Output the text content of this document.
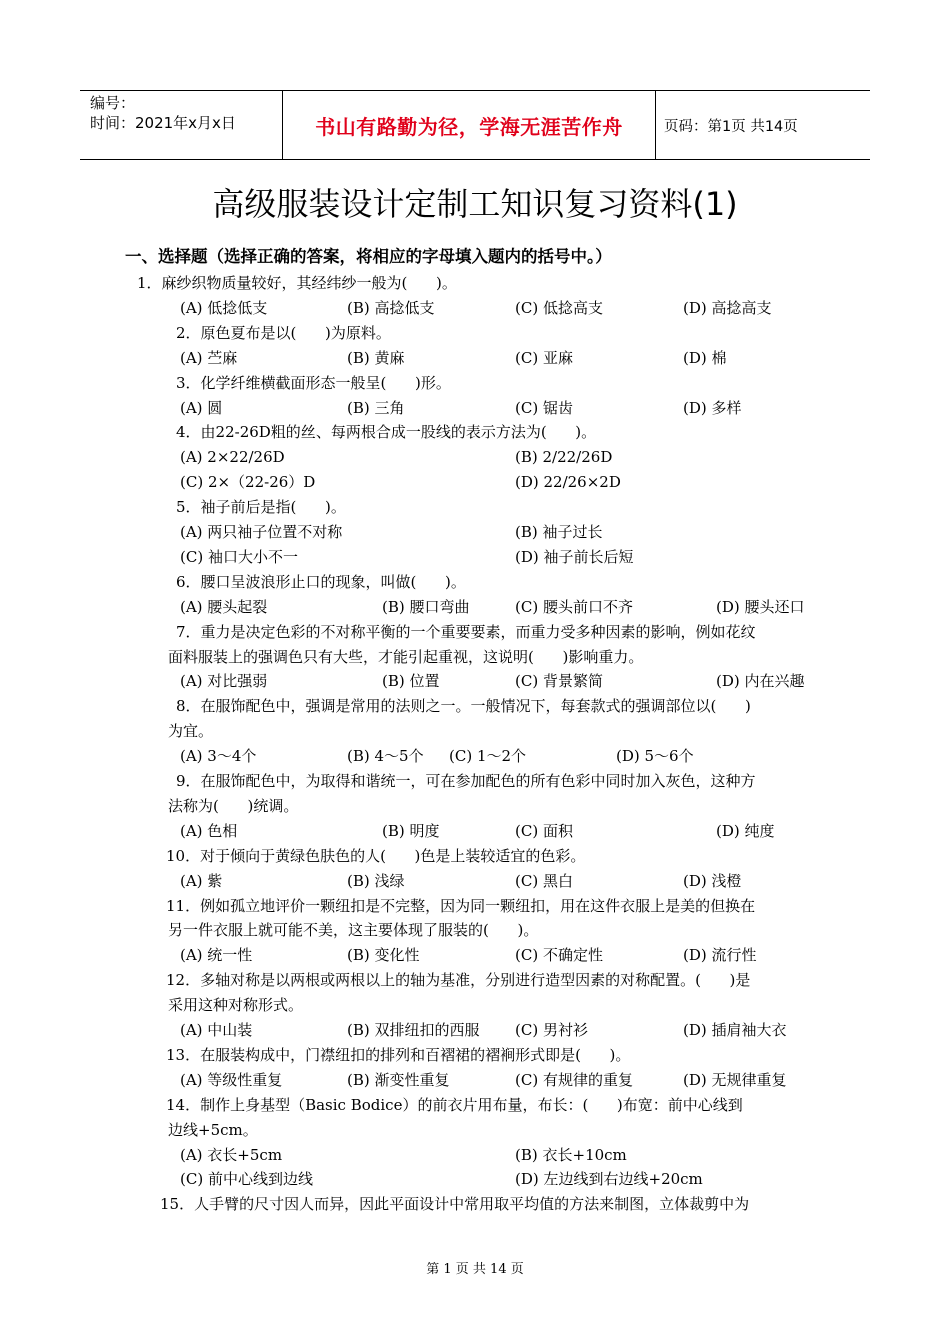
编号：
时间：2021年x月x日	书山有路勤为径，学海无涯苦作舟	页码：第1页 共14页
高级服装设计定制工知识复习资料(1)
一、选择题（选择正确的答案，将相应的字母填入题内的括号中。）
1．麻纱织物质量较好，其经纬纱一般为(      )。
(A) 低捻低支	(B) 高捻低支	(C) 低捻高支	(D) 高捻高支
2．原色夏布是以(      )为原料。
(A) 苎麻	(B) 黄麻	(C) 亚麻	(D) 棉
3．化学纤维横截面形态一般呈(      )形。
(A) 圆	(B) 三角	(C) 锯齿	(D) 多样
4．由22-26D粗的丝、每两根合成一股线的表示方法为(      )。
(A) 2×22/26D	(B) 2/22/26D
(C) 2×（22-26）D	(D) 22/26×2D
5．袖子前后是指(      )。
(A) 两只袖子位置不对称	(B) 袖子过长
(C) 袖口大小不一	(D) 袖子前长后短
6．腰口呈波浪形止口的现象，叫做(      )。
(A) 腰头起裂	(B) 腰口弯曲	(C) 腰头前口不齐	(D) 腰头还口
7．重力是决定色彩的不对称平衡的一个重要要素，而重力受多种因素的影响，例如花纹
面料服装上的强调色只有大些，才能引起重视，这说明(      )影响重力。
(A) 对比强弱	(B) 位置	(C) 背景繁简	(D) 内在兴趣
8．在服饰配色中，强调是常用的法则之一。一般情况下，每套款式的强调部位以(      )
为宜。
(A) 3～4个	(B) 4～5个 (C) 1～2个	(D) 5～6个
9．在服饰配色中，为取得和谐统一，可在参加配色的所有色彩中同时加入灰色，这种方
法称为(      )统调。
(A) 色相	(B) 明度	(C) 面积	(D) 纯度
10．对于倾向于黄绿色肤色的人(      )色是上装较适宜的色彩。
(A) 紫	(B) 浅绿	(C) 黑白	(D) 浅橙
11．例如孤立地评价一颗纽扣是不完整，因为同一颗纽扣，用在这件衣服上是美的但换在
另一件衣服上就可能不美，这主要体现了服装的(      )。
(A) 统一性	(B) 变化性	(C) 不确定性	(D) 流行性
12．多轴对称是以两根或两根以上的轴为基准，分别进行造型因素的对称配置。(      )是
采用这种对称形式。
(A) 中山装	(B) 双排纽扣的西服 (C) 男衬衫	(D) 插肩袖大衣
13．在服装构成中，门襟纽扣的排列和百褶裙的褶裥形式即是(      )。
(A) 等级性重复	(B) 渐变性重复	(C) 有规律的重复	(D) 无规律重复
14．制作上身基型（Basic Bodice）的前衣片用布量，布长：(      )布宽：前中心线到
边线+5cm。
(A) 衣长+5cm	(B) 衣长+10cm
(C) 前中心线到边线	(D) 左边线到右边线+20cm
15．人手臂的尺寸因人而异，因此平面设计中常用取平均值的方法来制图，立体裁剪中为
第 1 页 共 14 页
